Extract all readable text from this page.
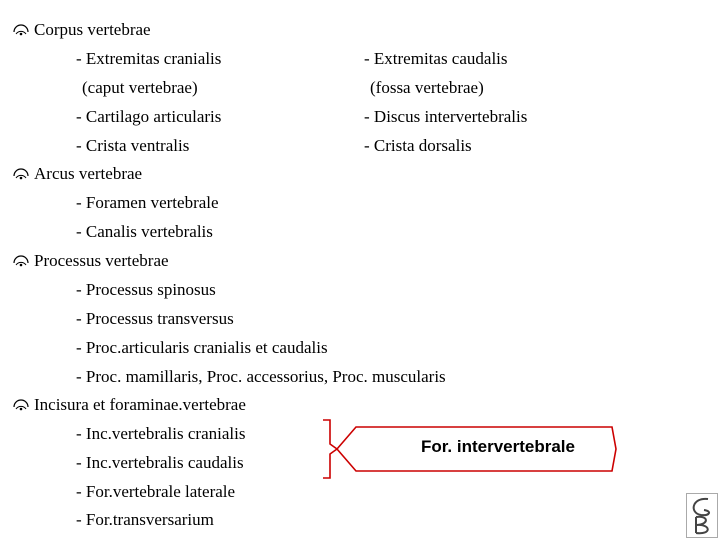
Corpus vertebrae
- Extremitas cranialis
(caput vertebrae)
- Cartilago articularis
- Crista ventralis
- Extremitas caudalis
(fossa vertebrae)
- Discus intervertebralis
- Crista dorsalis
Arcus vertebrae
- Foramen vertebrale
- Canalis vertebralis
Processus vertebrae
- Processus spinosus
- Processus transversus
- Proc.articularis cranialis et caudalis
- Proc. mamillaris, Proc. accessorius, Proc. muscularis
Incisura et foraminae.vertebrae
- Inc.vertebralis cranialis
- Inc.vertebralis caudalis
- For.vertebrale laterale
- For.transversarium
For. intervertebrale
